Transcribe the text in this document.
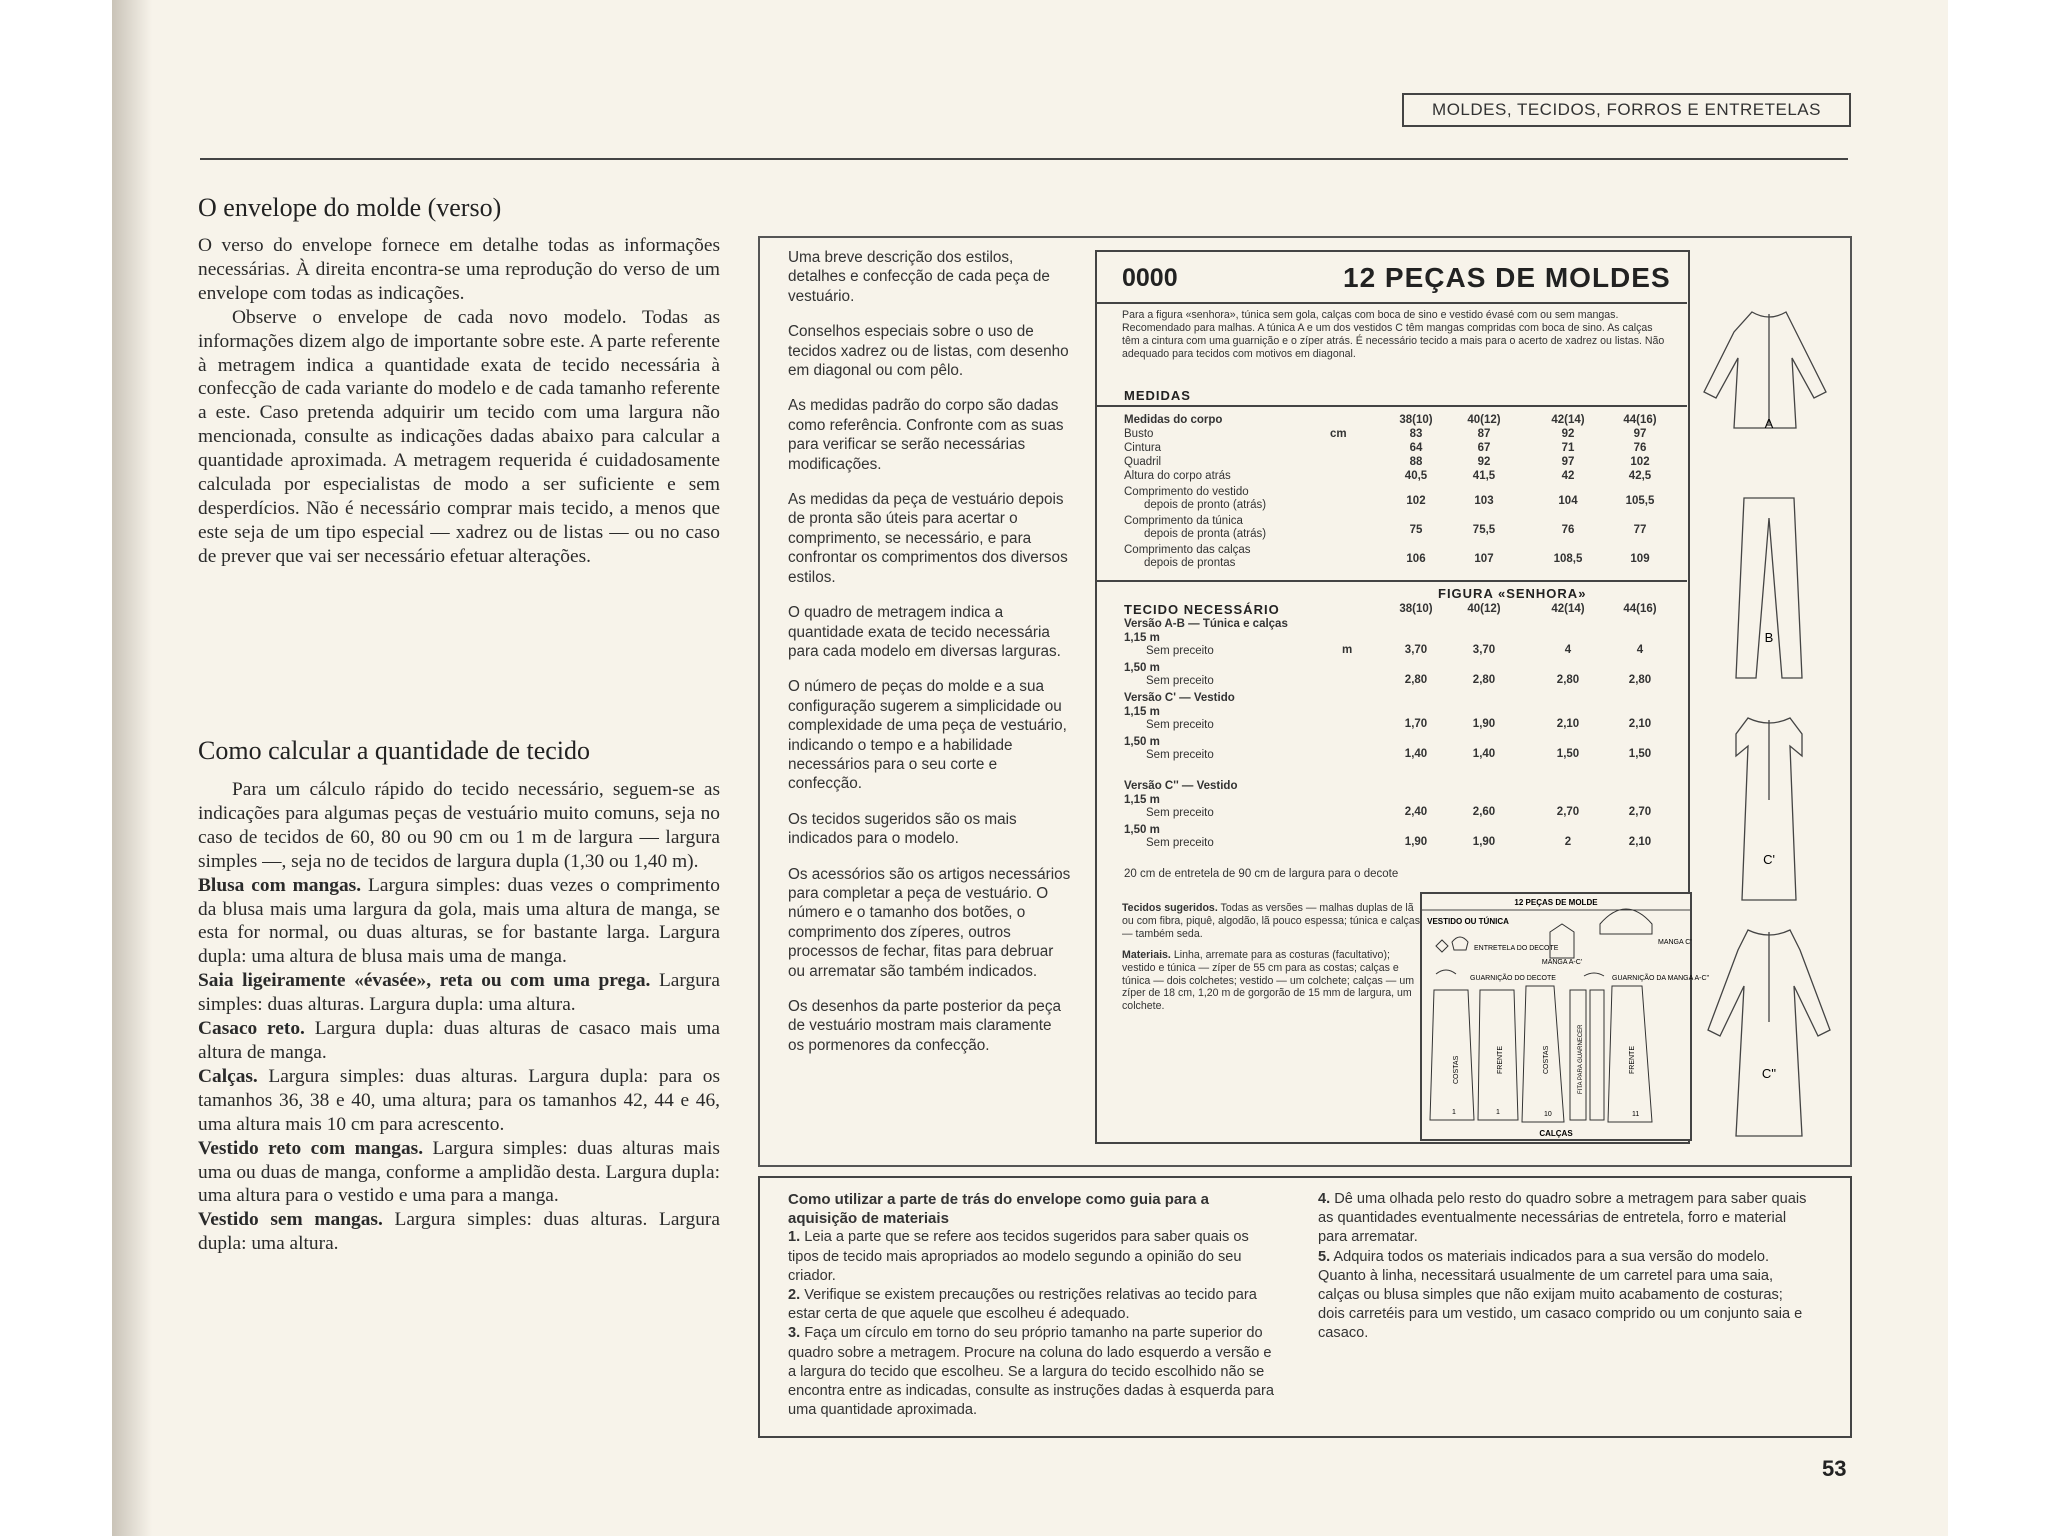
MOLDES, TECIDOS, FORROS E ENTRETELAS
O envelope do molde (verso)

O verso do envelope fornece em detalhe todas as informações necessárias. À direita encontra-se uma reprodução do verso de um envelope com todas as indicações.

Observe o envelope de cada novo modelo. Todas as informações dizem algo de importante sobre este. A parte referente à metragem indica a quantidade exata de tecido necessária à confecção de cada variante do modelo e de cada tamanho referente a este. Caso pretenda adquirir um tecido com uma largura não mencionada, consulte as indicações dadas abaixo para calcular a quantidade aproximada. A metragem requerida é cuidadosamente calculada por especialistas de modo a ser suficiente e sem desperdícios. Não é necessário comprar mais tecido, a menos que este seja de um tipo especial — xadrez ou de listas — ou no caso de prever que vai ser necessário efetuar alterações.

Como calcular a quantidade de tecido

Para um cálculo rápido do tecido necessário, seguem-se as indicações para algumas peças de vestuário muito comuns, seja no caso de tecidos de 60, 80 ou 90 cm ou 1 m de largura — largura simples —, seja no de tecidos de largura dupla (1,30 ou 1,40 m).

Blusa com mangas. Largura simples: duas vezes o comprimento da blusa mais uma largura da gola, mais uma altura de manga, se esta for normal, ou duas alturas, se for bastante larga. Largura dupla: uma altura de blusa mais uma de manga.

Saia ligeiramente «évasée», reta ou com uma prega. Largura simples: duas alturas. Largura dupla: uma altura.

Casaco reto. Largura dupla: duas alturas de casaco mais uma altura de manga.

Calças. Largura simples: duas alturas. Largura dupla: para os tamanhos 36, 38 e 40, uma altura; para os tamanhos 42, 44 e 46, uma altura mais 10 cm para acrescento.

Vestido reto com mangas. Largura simples: duas alturas mais uma ou duas de manga, conforme a amplidão desta. Largura dupla: uma altura para o vestido e uma para a manga.

Vestido sem mangas. Largura simples: duas alturas. Largura dupla: uma altura.

Uma breve descrição dos estilos, detalhes e confecção de cada peça de vestuário.

Conselhos especiais sobre o uso de tecidos xadrez ou de listas, com desenho em diagonal ou com pêlo.

As medidas padrão do corpo são dadas como referência. Confronte com as suas para verificar se serão necessárias modificações.

As medidas da peça de vestuário depois de pronta são úteis para acertar o comprimento, se necessário, e para confrontar os comprimentos dos diversos estilos.

O quadro de metragem indica a quantidade exata de tecido necessária para cada modelo em diversas larguras.

O número de peças do molde e a sua configuração sugerem a simplicidade ou complexidade de uma peça de vestuário, indicando o tempo e a habilidade necessários para o seu corte e confecção.

Os tecidos sugeridos são os mais indicados para o modelo.

Os acessórios são os artigos necessários para completar a peça de vestuário. O número e o tamanho dos botões, o comprimento dos zíperes, outros processos de fechar, fitas para debruar ou arrematar são também indicados.

Os desenhos da parte posterior da peça de vestuário mostram mais claramente os pormenores da confecção.

0000	12 PEÇAS DE MOLDES
Para a figura «senhora», túnica sem gola, calças com boca de sino e vestido évasé com ou sem mangas. Recomendado para malhas. A túnica A e um dos vestidos C têm mangas compridas com boca de sino. As calças têm a cintura com uma guarnição e o zíper atrás. É necessário tecido a mais para o acerto de xadrez ou listas. Não adequado para tecidos com motivos em diagonal.
MEDIDAS
Medidas do corpo
cm
38(10)	40(12)	42(14)	44(16)
Busto	83	87	92	97
Cintura	64	67	71	76
Quadril	88	92	97	102
Altura do corpo atrás	40,5	41,5	42	42,5
Comprimento do vestido
depois de pronto (atrás)	102	103	104	105,5
Comprimento da túnica
depois de pronta (atrás)	75	75,5	76	77
Comprimento das calças
depois de prontas	106	107	108,5	109
FIGURA «SENHORA»
TECIDO NECESSÁRIO	38(10)	40(12)	42(14)	44(16)
Versão A-B — Túnica e calças
1,15 m
m
Sem preceito	3,70	3,70	4	4
1,50 m
Sem preceito	2,80	2,80	2,80	2,80
Versão C' — Vestido
1,15 m
Sem preceito	1,70	1,90	2,10	2,10
1,50 m
Sem preceito	1,40	1,40	1,50	1,50
Versão C'' — Vestido
1,15 m
Sem preceito	2,40	2,60	2,70	2,70
1,50 m
Sem preceito	1,90	1,90	2	2,10
20 cm de entretela de 90 cm de largura para o decote

Tecidos sugeridos. Todas as versões — malhas duplas de lã ou com fibra, piquê, algodão, lã pouco espessa; túnica e calças — também seda.

Materiais. Linha, arremate para as costuras (facultativo); vestido e túnica — zíper de 55 cm para as costas; calças e túnica — dois colchetes; vestido — um colchete; calças — um zíper de 18 cm, 1,20 m de gorgorão de 15 mm de largura, um colchete.

12 PEÇAS DE MOLDE
VESTIDO OU TÚNICA
ENTRETELA DO DECOTE
MANGA C'
MANGA A-C'
GUARNIÇÃO DO DECOTE	GUARNIÇÃO DA MANGA A-C''
COSTAS	FRENTE	COSTAS	FITA PARA GUARNECER	FRENTE
1	1	10	11
CALÇAS
A
B
C'
C''

Como utilizar a parte de trás do envelope como guia para a aquisição de materiais

1. Leia a parte que se refere aos tecidos sugeridos para saber quais os tipos de tecido mais apropriados ao modelo segundo a opinião do seu criador.

2. Verifique se existem precauções ou restrições relativas ao tecido para estar certa de que aquele que escolheu é adequado.

3. Faça um círculo em torno do seu próprio tamanho na parte superior do quadro sobre a metragem. Procure na coluna do lado esquerdo a versão e a largura do tecido que escolheu. Se a largura do tecido escolhido não se encontra entre as indicadas, consulte as instruções dadas à esquerda para uma quantidade aproximada.

4. Dê uma olhada pelo resto do quadro sobre a metragem para saber quais as quantidades eventualmente necessárias de entretela, forro e material para arrematar.

5. Adquira todos os materiais indicados para a sua versão do modelo. Quanto à linha, necessitará usualmente de um carretel para uma saia, calças ou blusa simples que não exijam muito acabamento de costuras; dois carretéis para um vestido, um casaco comprido ou um conjunto saia e casaco.

53
